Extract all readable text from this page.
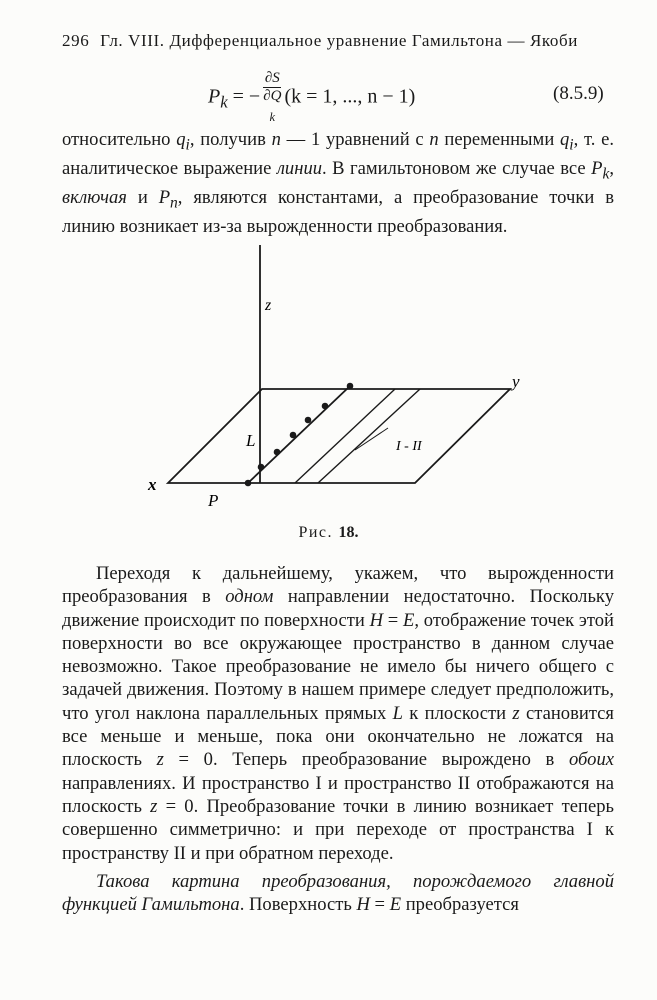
296 Гл. VIII. Дифференциальное уравнение Гамильтона — Якоби
$P_k$ = − ∂S
∂Q
$_k$ (k = 1, ..., n − 1)	(8.5.9)
относительно $q_i$, получив n — 1 уравнений с n переменными $q_i$, т. е. аналитическое выражение линии. В гамильтоновом же случае все $P_k$, включая и $P_n$, являются константами, а преобразование точки в линию возникает из-за вырожденности преобразования.
z
y
x
L
P
I - II
Рис. 18.
Переходя к дальнейшему, укажем, что вырожденности преобразования в одном направлении недостаточно. Поскольку движение происходит по поверхности H = E, отображение точек этой поверхности во все окружающее пространство в данном случае невозможно. Такое преобразование не имело бы ничего общего с задачей движения. Поэтому в нашем примере следует предположить, что угол наклона параллельных прямых L к плоскости z становится все меньше и меньше, пока они окончательно не ложатся на плоскость z = 0. Теперь преобразование вырождено в обоих направлениях. И пространство I и пространство II отображаются на плоскость z = 0. Преобразование точки в линию возникает теперь совершенно симметрично: и при переходе от пространства I к пространству II и при обратном переходе.
Такова картина преобразования, порождаемого главной функцией Гамильтона. Поверхность H = E преобразуется
